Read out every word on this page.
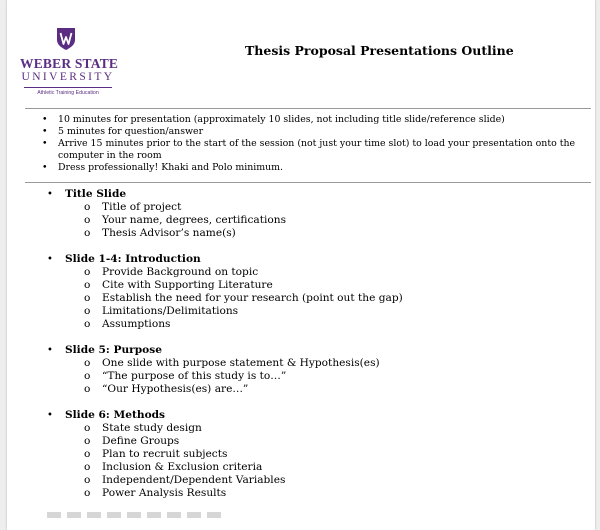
WEBER STATE
UNIVERSITY
Athletic Training Education
Thesis Proposal Presentations Outline
• 10 minutes for presentation (approximately 10 slides, not including title slide/reference slide)
• 5 minutes for question/answer
• Arrive 15 minutes prior to the start of the session (not just your time slot) to load your presentation onto the computer in the room
• Dress professionally! Khaki and Polo minimum.
• Title Slide
o Title of project
o Your name, degrees, certifications
o Thesis Advisor’s name(s)
• Slide 1-4: Introduction
o Provide Background on topic
o Cite with Supporting Literature
o Establish the need for your research (point out the gap)
o Limitations/Delimitations
o Assumptions
• Slide 5: Purpose
o One slide with purpose statement & Hypothesis(es)
o “The purpose of this study is to…”
o “Our Hypothesis(es) are…”
• Slide 6: Methods
o State study design
o Define Groups
o Plan to recruit subjects
o Inclusion & Exclusion criteria
o Independent/Dependent Variables
o Power Analysis Results
